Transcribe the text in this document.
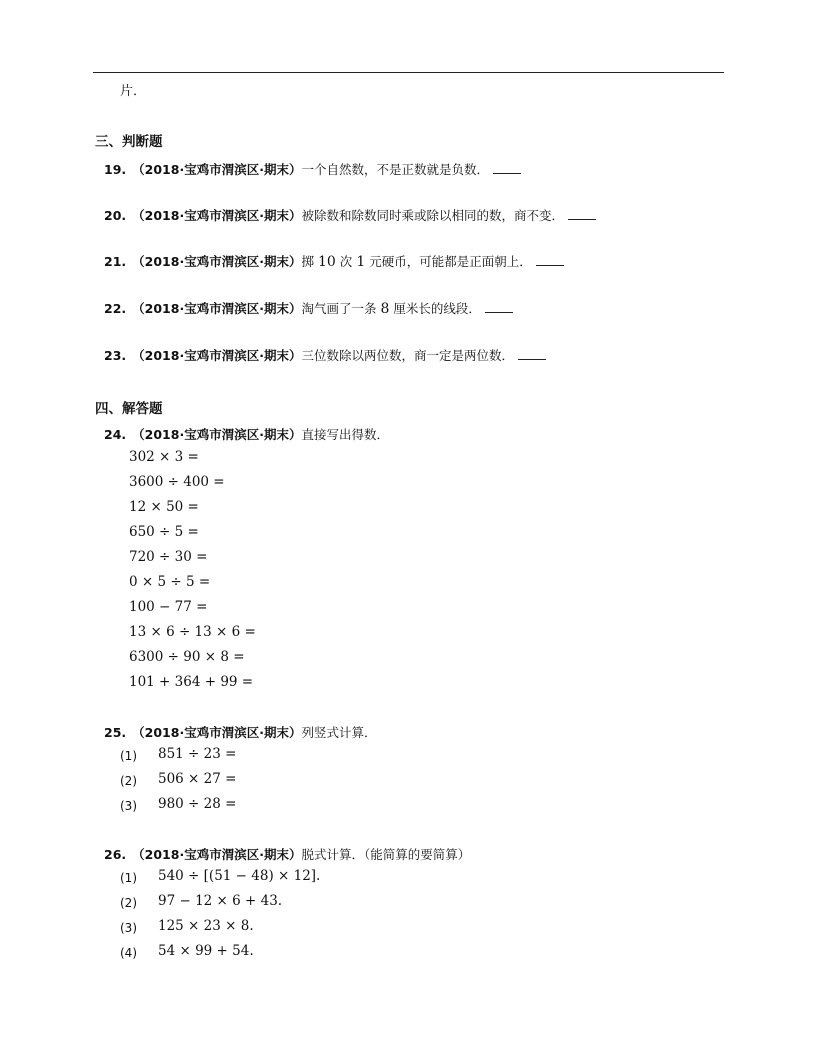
片．
三、判断题
19. （2018·宝鸡市渭滨区·期末）一个自然数，不是正数就是负数．
20. （2018·宝鸡市渭滨区·期末）被除数和除数同时乘或除以相同的数，商不变．
21. （2018·宝鸡市渭滨区·期末）掷 10 次 1 元硬币，可能都是正面朝上．
22. （2018·宝鸡市渭滨区·期末）淘气画了一条 8 厘米长的线段．
23. （2018·宝鸡市渭滨区·期末）三位数除以两位数，商一定是两位数．
四、解答题
24. （2018·宝鸡市渭滨区·期末）直接写出得数．
302 × 3 =
3600 ÷ 400 =
12 × 50 =
650 ÷ 5 =
720 ÷ 30 =
0 × 5 ÷ 5 =
100 − 77 =
13 × 6 ÷ 13 × 6 =
6300 ÷ 90 × 8 =
101 + 364 + 99 =
25. （2018·宝鸡市渭滨区·期末）列竖式计算．
(1) 851 ÷ 23 =
(2) 506 × 27 =
(3) 980 ÷ 28 =
26. （2018·宝鸡市渭滨区·期末）脱式计算．（能简算的要简算）
(1) 540 ÷ [(51 − 48) × 12].
(2) 97 − 12 × 6 + 43.
(3) 125 × 23 × 8.
(4) 54 × 99 + 54.
